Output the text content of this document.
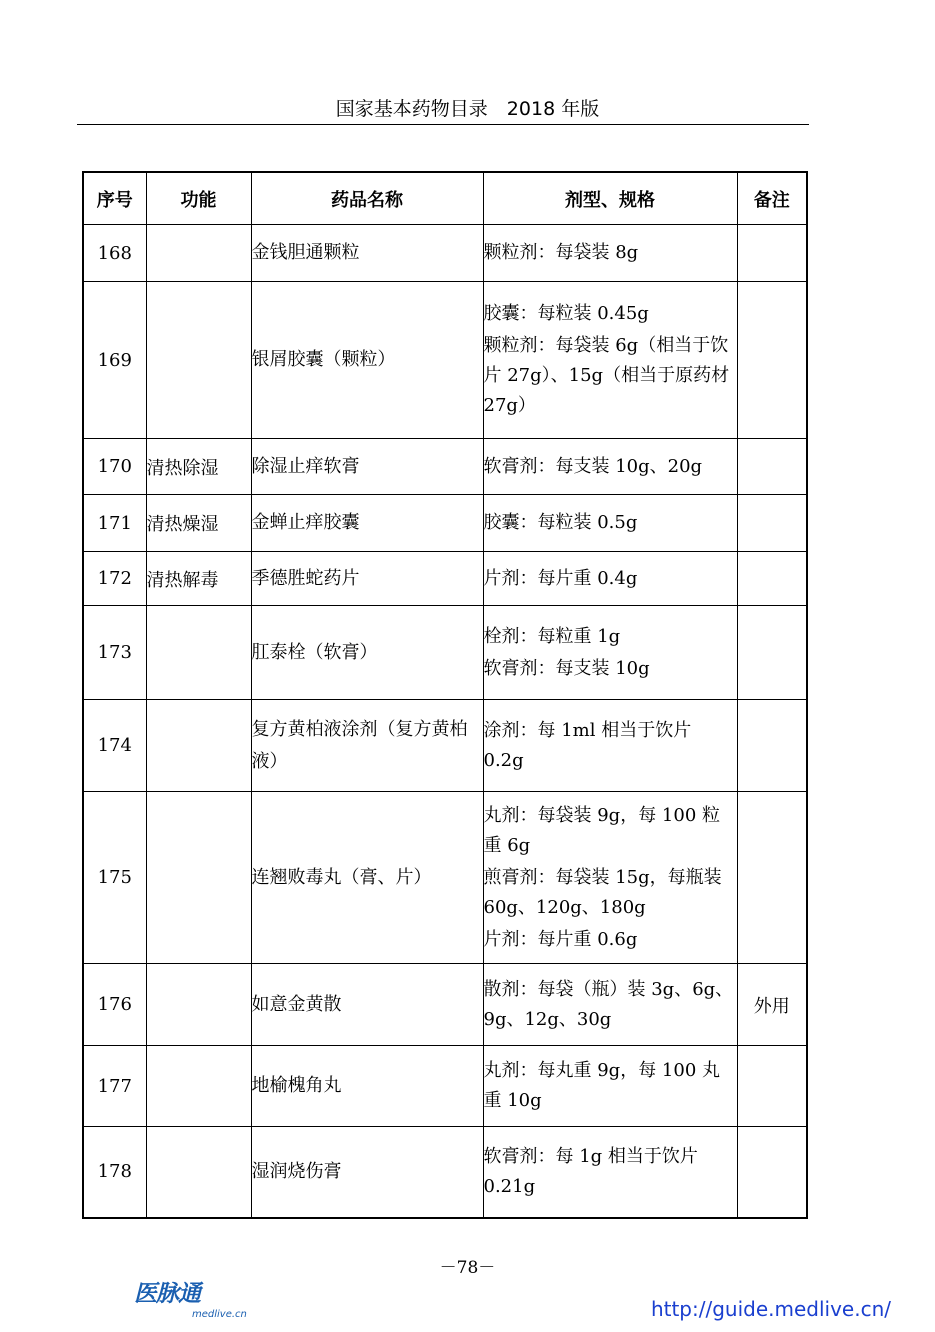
国家基本药物目录　2018 年版
序号	功能	药品名称	剂型、规格	备注
168		金钱胆通颗粒	颗粒剂：每袋装 8g	

169		银屑胶囊（颗粒）	胶囊：每粒装 0.45g
颗粒剂：每袋装 6g（相当于饮片 27g）、15g（相当于原药材 27g）	

170	清热除湿	除湿止痒软膏	软膏剂：每支装 10g、20g	

171	清热燥湿	金蝉止痒胶囊	胶囊：每粒装 0.5g	

172	清热解毒	季德胜蛇药片	片剂：每片重 0.4g	

173		肛泰栓（软膏）	栓剂：每粒重 1g
软膏剂：每支装 10g	

174		复方黄柏液涂剂（复方黄柏液）	涂剂：每 1ml 相当于饮片 0.2g	

175		连翘败毒丸（膏、片）	丸剂：每袋装 9g，每 100 粒重 6g
煎膏剂：每袋装 15g，每瓶装 60g、120g、180g
片剂：每片重 0.6g	

176		如意金黄散	散剂：每袋（瓶）装 3g、6g、9g、12g、30g	外用
177		地榆槐角丸	丸剂：每丸重 9g，每 100 丸重 10g	

178		湿润烧伤膏	软膏剂：每 1g 相当于饮片 0.21g	

－78－
医脉通
medlive.cn	http://guide.medlive.cn/
